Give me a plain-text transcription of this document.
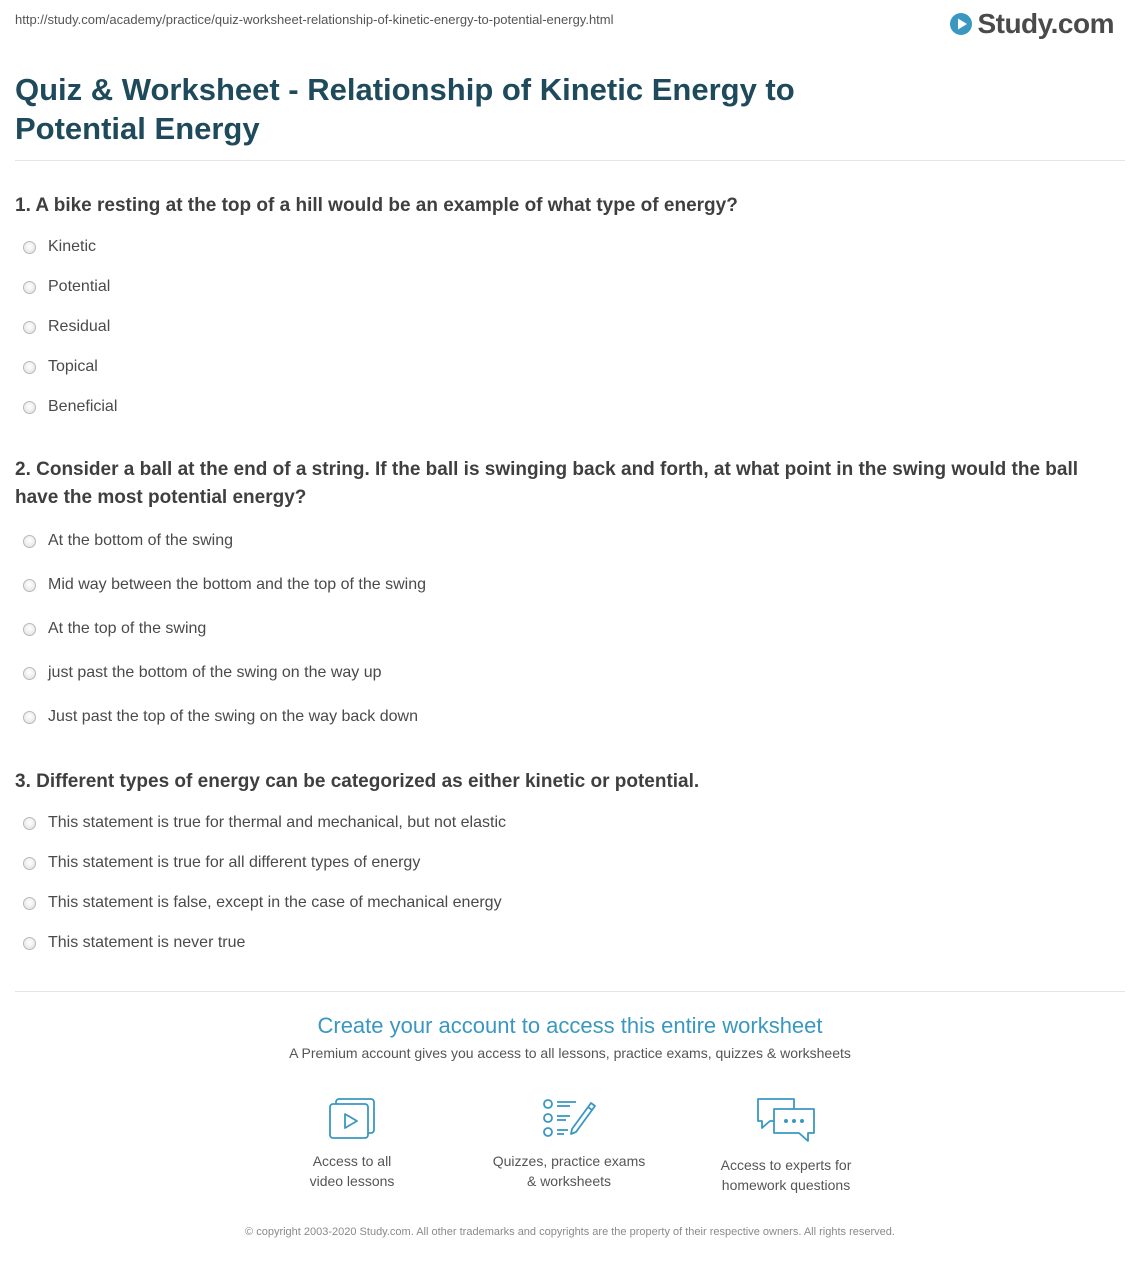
http://study.com/academy/practice/quiz-worksheet-relationship-of-kinetic-energy-to-potential-energy.html	Study.com
Quiz & Worksheet - Relationship of Kinetic Energy to Potential Energy
1. A bike resting at the top of a hill would be an example of what type of energy?
Kinetic
Potential
Residual
Topical
Beneficial
2. Consider a ball at the end of a string. If the ball is swinging back and forth, at what point in the swing would the ball have the most potential energy?
At the bottom of the swing
Mid way between the bottom and the top of the swing
At the top of the swing
just past the bottom of the swing on the way up
Just past the top of the swing on the way back down
3. Different types of energy can be categorized as either kinetic or potential.
This statement is true for thermal and mechanical, but not elastic
This statement is true for all different types of energy
This statement is false, except in the case of mechanical energy
This statement is never true
Create your account to access this entire worksheet
A Premium account gives you access to all lessons, practice exams, quizzes & worksheets
Access to all
video lessons
Quizzes, practice exams
& worksheets
Access to experts for
homework questions
© copyright 2003-2020 Study.com. All other trademarks and copyrights are the property of their respective owners. All rights reserved.
